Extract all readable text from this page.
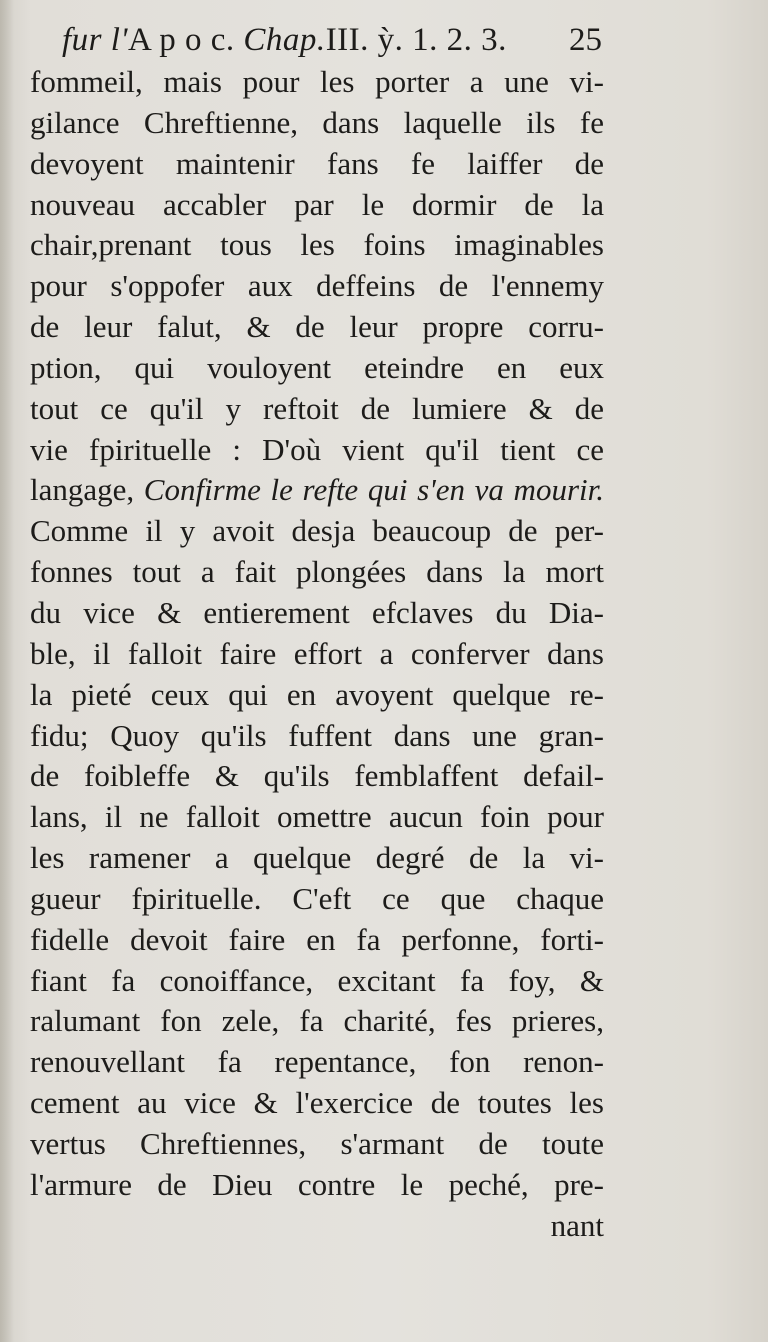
fur l'A p o c. Chap.III. ỳ. 1. 2. 3. 25
fommeil, mais pour les porter a une vi-
gilance Chreftienne, dans laquelle ils fe
devoyent maintenir fans fe laiffer de
nouveau accabler par le dormir de la
chair,prenant tous les foins imaginables
pour s'oppofer aux deffeins de l'ennemy
de leur falut, & de leur propre corru-
ption, qui vouloyent eteindre en eux
tout ce qu'il y reftoit de lumiere & de
vie fpirituelle : D'où vient qu'il tient ce
langage, Confirme le refte qui s'en va mourir.
Comme il y avoit desja beaucoup de per-
fonnes tout a fait plongées dans la mort
du vice & entierement efclaves du Dia-
ble, il falloit faire effort a conferver dans
la pieté ceux qui en avoyent quelque re-
fidu; Quoy qu'ils fuffent dans une gran-
de foibleffe & qu'ils femblaffent defail-
lans, il ne falloit omettre aucun foin pour
les ramener a quelque degré de la vi-
gueur fpirituelle. C'eft ce que chaque
fidelle devoit faire en fa perfonne, forti-
fiant fa conoiffance, excitant fa foy, &
ralumant fon zele, fa charité, fes prieres,
renouvellant fa repentance, fon renon-
cement au vice & l'exercice de toutes les
vertus Chreftiennes, s'armant de toute
l'armure de Dieu contre le peché, pre-
nant
